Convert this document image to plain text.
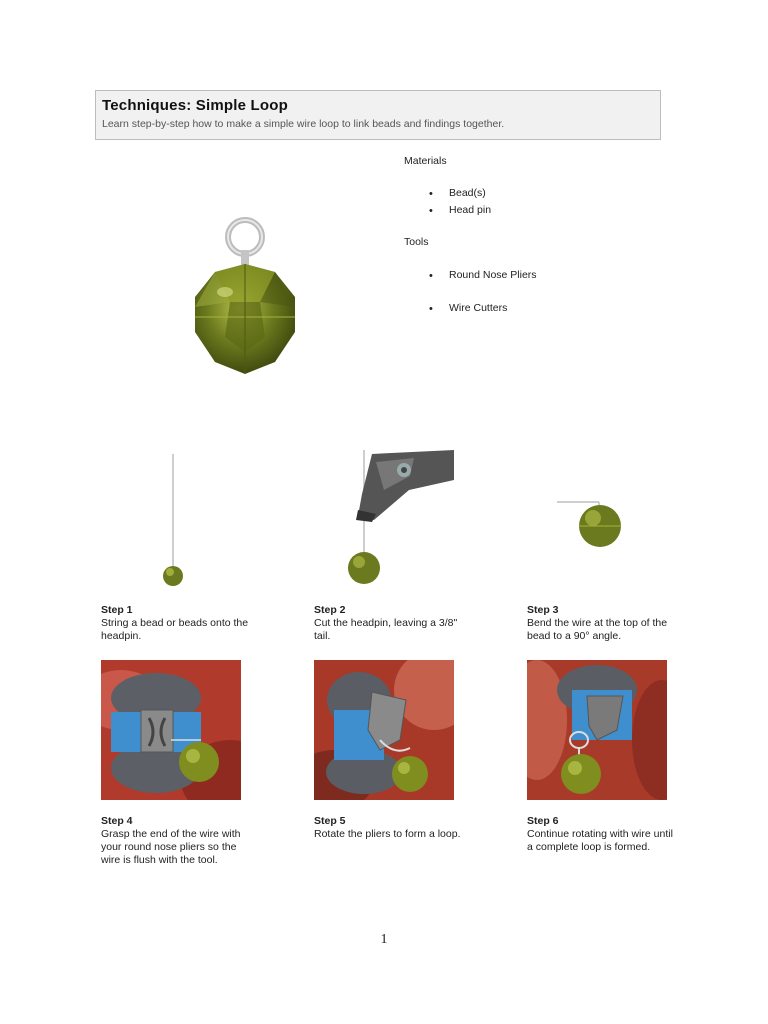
Techniques: Simple Loop
Learn step-by-step how to make a simple wire loop to link beads and findings together.
Materials
• Bead(s)
• Head pin
Tools
• Round Nose Pliers
• Wire Cutters
Step 1
String a bead or beads onto the headpin.
Step 2
Cut the headpin, leaving a 3/8" tail.
Step 3
Bend the wire at the top of the bead to a 90° angle.
Step 4
Grasp the end of the wire with your round nose pliers so the wire is flush with the tool.
Step 5
Rotate the pliers to form a loop.
Step 6
Continue rotating with wire until a complete loop is formed.
1
